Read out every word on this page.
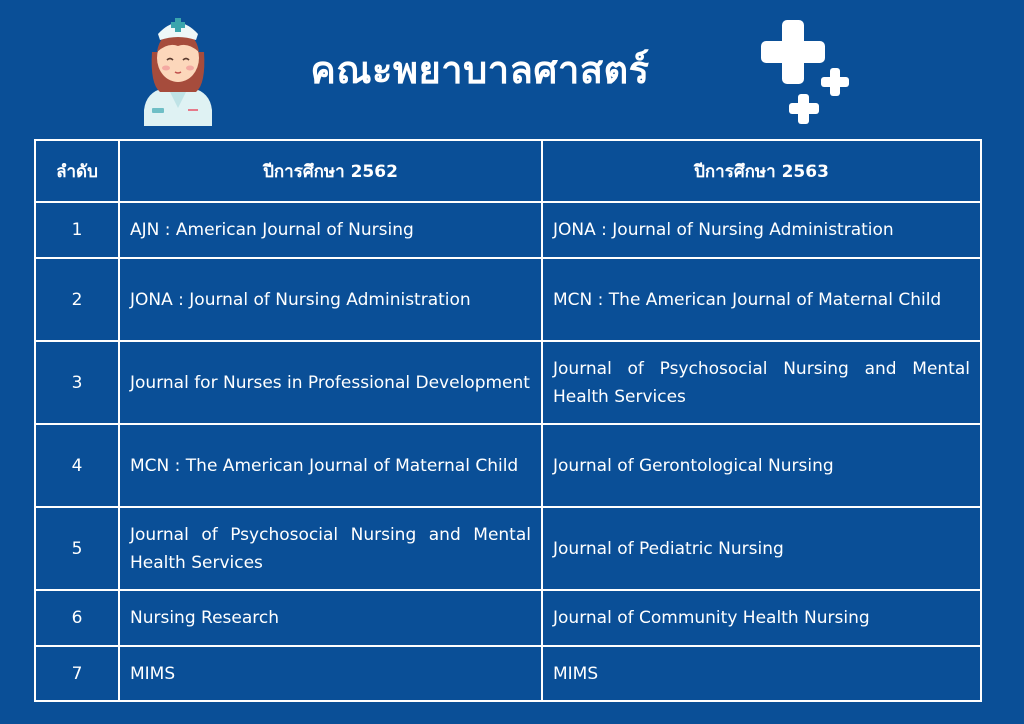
คณะพยาบาลศาสตร์
ลำดับ	ปีการศึกษา 2562	ปีการศึกษา 2563
1	AJN : American Journal of Nursing	JONA : Journal of Nursing Administration
2	JONA : Journal of Nursing Administration	MCN : The American Journal of Maternal Child
3	Journal for Nurses in Professional Development	Journal of Psychosocial Nursing and Mental Health Services
4	MCN : The American Journal of Maternal Child	Journal of Gerontological Nursing
5	Journal of Psychosocial Nursing and Mental Health Services	Journal of Pediatric Nursing
6	Nursing Research	Journal of Community Health Nursing
7	MIMS	MIMS
